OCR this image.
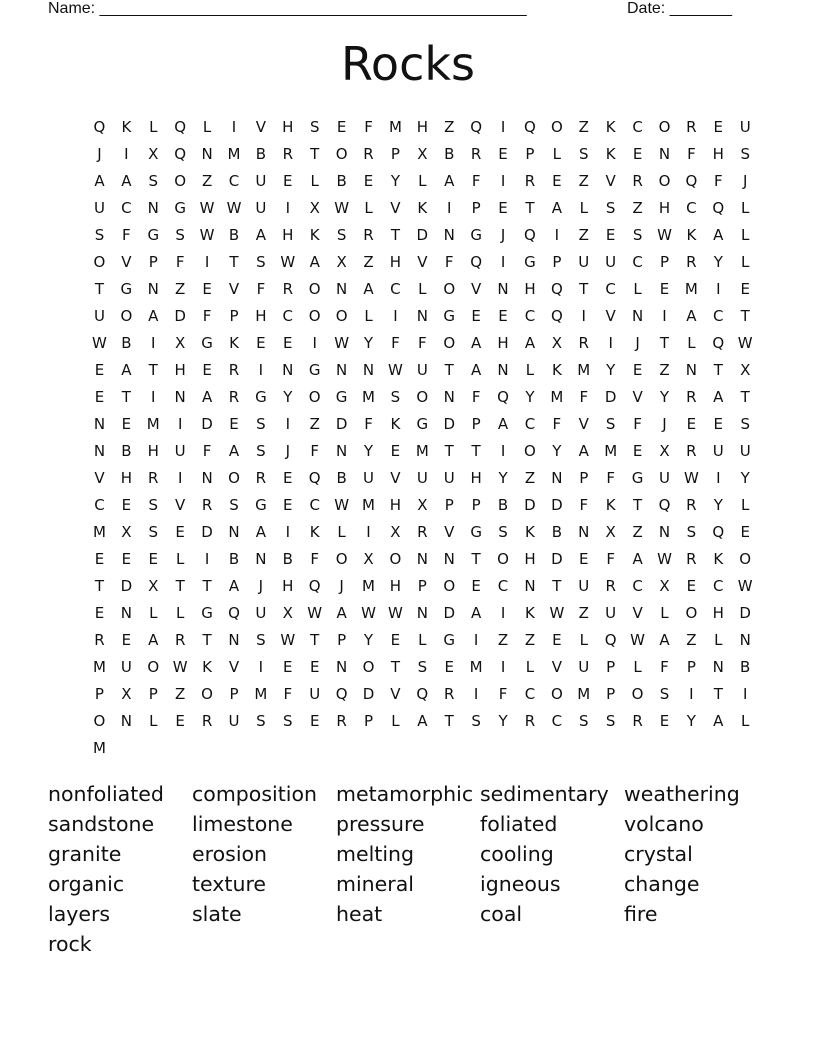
Name: ________________________________________________	Date: _______
Rocks
Q	K	L	Q	L	I	V	H	S	E	F	M H	Z	Q	I	Q	O	Z	K	C	O	R	E	U
J	I	X	Q	N M	B	R	T	O	R	P	X	B	R	E	P	L	S	K	E	N	F	H	S
A	A	S	O	Z	C	U	E	L	B	E	Y	L	A	F	I	R	E	Z	V	R	O	Q	F	J
U	C	N	G W W U	I	X W	L	V	K	I	P	E	T	A	L	S	Z	H	C	Q	L
S	F	G	S W B	A	H	K	S	R	T	D	N	G	J	Q	I	Z	E	S W K	A	L
O	V	P	F	I	T	S W A	X	Z	H	V	F	Q	I	G	P	U	U	C	P	R	Y	L
T	G	N	Z	E	V	F	R	O	N	A	C	L	O	V	N	H	Q	T	C	L	E	M	I	E
U	O	A	D	F	P	H	C	O	O	L	I	N	G	E	E	C	Q	I	V	N	I	A	C	T
W B	I	X	G	K	E	E	I	W Y	F	F	O	A	H	A	X	R	I	J	T	L	Q W
E	A	T	H	E	R	I	N	G	N	N W U	T	A	N	L	K	M	Y	E	Z	N	T	X
E	T	I	N	A	R	G	Y	O	G M	S	O	N	F	Q	Y	M	F	D	V	Y	R	A	T
N	E	M	I	D	E	S	I	Z	D	F	K	G	D	P	A	C	F	V	S	F	J	E	E	S
N	B	H	U	F	A	S	J	F	N	Y	E	M	T	T	I	O	Y	A	M	E	X	R	U	U
V	H	R	I	N	O	R	E	Q	B	U	V	U	U	H	Y	Z	N	P	F	G	U W	I	Y
C	E	S	V	R	S	G	E	C W M H	X	P	P	B	D	D	F	K	T	Q	R	Y	L
M	X	S	E	D	N	A	I	K	L	I	X	R	V	G	S	K	B	N	X	Z	N	S	Q	E
E	E	E	L	I	B	N	B	F	O	X	O	N	N	T	O	H	D	E	F	A W R	K	O
T	D	X	T	T	A	J	H	Q	J	M H	P	O	E	C	N	T	U	R	C	X	E	C W
E	N	L	L	G	Q	U	X W A W W N	D	A	I	K W Z	U	V	L	O	H	D
R	E	A	R	T	N	S W T	P	Y	E	L	G	I	Z	Z	E	L	Q W A	Z	L	N
M U	O W K	V	I	E	E	N	O	T	S	E	M	I	L	V	U	P	L	F	P	N	B
P	X	P	Z	O	P	M	F	U	Q	D	V	Q	R	I	F	C	O M	P	O	S	I	T	I
O	N	L	E	R	U	S	S	E	R	P	L	A	T	S	Y	R	C	S	S	R	E	Y	A	L
M
nonfoliated	composition metamorphic sedimentary weathering
sandstone	limestone	pressure	foliated	volcano
granite	erosion	melting	cooling	crystal
organic	texture	mineral	igneous	change
layers	slate	heat	coal	fire
rock
